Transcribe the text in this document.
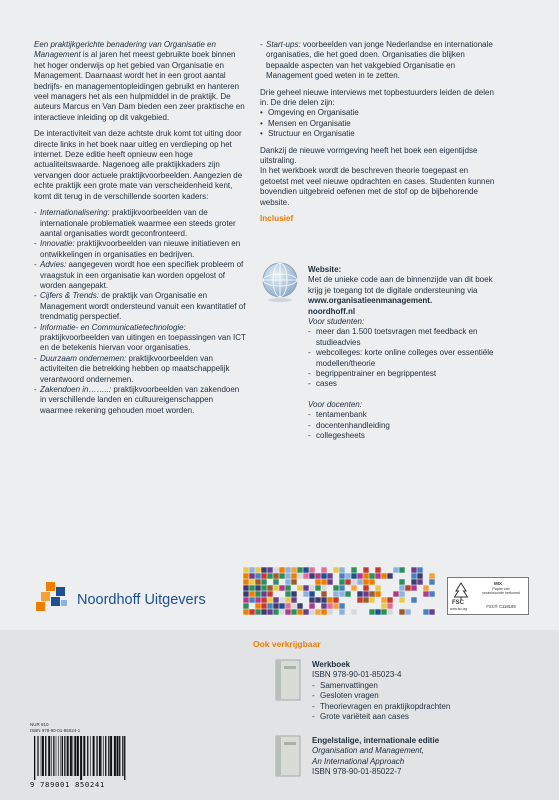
Een praktijkgerichte benadering van Organisatie en Management is al jaren het meest gebruikte boek binnen het hoger onderwijs op het gebied van Organisatie en Management. Daarnaast wordt het in een groot aantal bedrijfs- en managementopleidingen gebruikt en hanteren veel managers het als een hulpmiddel in de praktijk. De auteurs Marcus en Van Dam bieden een zeer praktische en interactieve inleiding op dit vakgebied.

De interactiviteit van deze achtste druk komt tot uiting door directe links in het boek naar uitleg en verdieping op het internet. Deze editie heeft opnieuw een hoge actualiteitswaarde. Nagenoeg alle praktijkkaders zijn vervangen door actuele praktijkvoorbeelden. Aangezien de echte praktijk een grote mate van verscheidenheid kent, komt dit terug in de verschillende soorten kaders:

- Internationalisering: praktijkvoorbeelden van de internationale problematiek waarmee een steeds groter aantal organisaties wordt geconfronteerd.
- Innovatie: praktijkvoorbeelden van nieuwe initiatieven en ontwikkelingen in organisaties en bedrijven.
- Advies: aangegeven wordt hoe een specifiek probleem of vraagstuk in een organisatie kan worden opgelost of worden aangepakt.
- Cijfers & Trends: de praktijk van Organisatie en Management wordt ondersteund vanuit een kwantitatief of trendmatig perspectief.
- Informatie- en Communicatietechnologie: praktijkvoorbeelden van uitingen en toepassingen van ICT en de betekenis hiervan voor organisaties.
- Duurzaam ondernemen: praktijkvoorbeelden van activiteiten die betrekking hebben op maatschappelijk verantwoord ondernemen.
- Zakendoen in……..: praktijkvoorbeelden van zakendoen in verschillende landen en cultuureigenschappen waarmee rekening gehouden moet worden.
- Start-ups: voorbeelden van jonge Nederlandse en internationale organisaties, die het goed doen. Organisaties die blijken bepaalde aspecten van het vakgebied Organisatie en Management goed weten in te zetten.

Drie geheel nieuwe interviews met topbestuurders leiden de delen in. De drie delen zijn:

• Omgeving en Organisatie
• Mensen en Organisatie
• Structuur en Organisatie

Dankzij de nieuwe vormgeving heeft het boek een eigentijdse uitstraling.

In het werkboek wordt de beschreven theorie toegepast en getoetst met veel nieuwe opdrachten en cases. Studenten kunnen bovendien uitgebreid oefenen met de stof op de bijbehorende website.

Inclusief
Website:
Met de unieke code aan de binnenzijde van dit boek krijg je toegang tot de digitale ondersteuning via
www.organisatieenmanagement.
noordhoff.nl
Voor studenten:
- meer dan 1.500 toetsvragen met feedback en studieadvies
- webcolleges: korte online colleges over essentiële modellen/theorie
- begrippentrainer en begrippentest
- cases
Voor docenten:
- tentamenbank
- docentenhandleiding
- collegesheets
Noordhoff Uitgevers	FSC
www.fsc.org
MIX
Papier van
verantwoorde herkomst
FSC® C118189
Ook verkrijgbaar
Werkboek
ISBN 978-90-01-85023-4
- Samenvattingen
- Gesloten vragen
- Theorievragen en praktijkopdrachten
- Grote variëteit aan cases
Engelstalige, internationale editie
Organisation and Management,
An International Approach
ISBN 978-90-01-85022-7
NUR 810
ISBN 978-90-01-85024-1
9 789001 850241
